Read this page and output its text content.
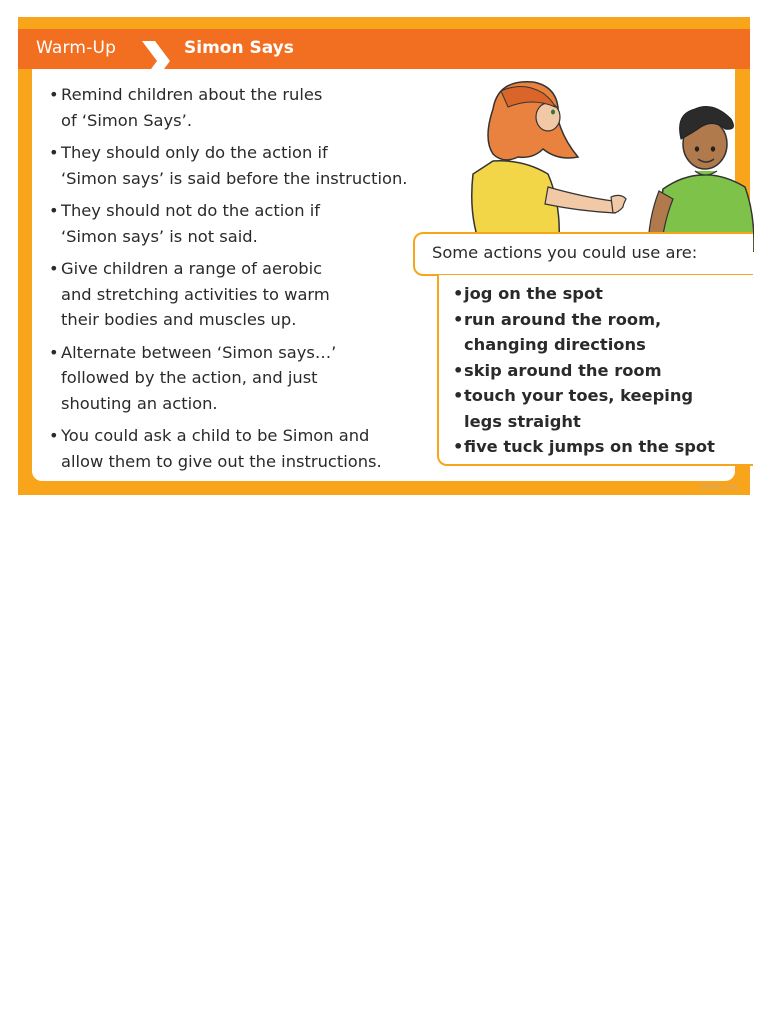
Warm-Up	Simon Says
• Remind children about the rules
of ‘Simon Says’.
• They should only do the action if
‘Simon says’ is said before the instruction.
• They should not do the action if
‘Simon says’ is not said.
• Give children a range of aerobic
and stretching activities to warm
their bodies and muscles up.
• Alternate between ‘Simon says…’
followed by the action, and just
shouting an action.
• You could ask a child to be Simon and
allow them to give out the instructions.
Some actions you could use are:
• jog on the spot
• run around the room,
changing directions
• skip around the room
• touch your toes, keeping
legs straight
• five tuck jumps on the spot
twinkl.com
